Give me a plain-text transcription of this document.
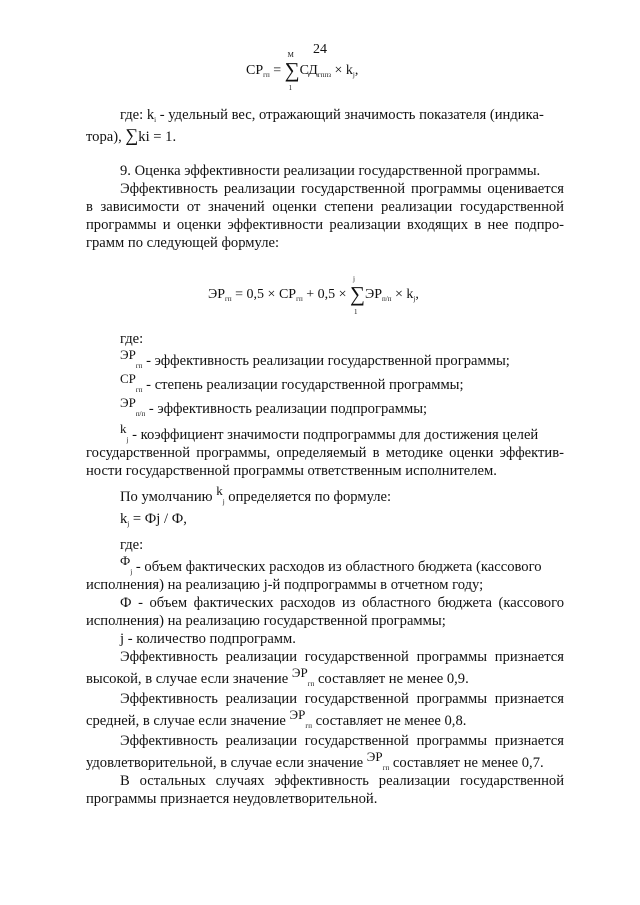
24
$СР_{гп}$ = ∑
M
1
$СД_{гппз} \times k_j$,
где: $k_i$ - удельный вес, отражающий значимость показателя (индика-
тора), ∑ki = 1.
9. Оценка эффективности реализации государственной программы.
Эффективность реализации государственной программы оценивается
в зависимости от значений оценки степени реализации государственной
программы и оценки эффективности реализации входящих в нее подпро-
грамм по следующей формуле:
$ЭР_{гп} = 0,5 \times СР_{гп} + 0,5$ × ∑
j
1
$ЭР_{п/п} \times k_j$,
где:
$ЭР_{гп}$ - эффективность реализации государственной программы;
$СР_{гп}$ - степень реализации государственной программы;
$ЭР_{п/п}$ - эффективность реализации подпрограммы;
$k_j$ - коэффициент значимости подпрограммы для достижения целей
государственной программы, определяемый в методике оценки эффектив-
ности государственной программы ответственным исполнителем.
По умолчанию $k_j$ определяется по формуле:
$k_j$ = Фj / Ф,
где:
$Ф_j$ - объем фактических расходов из областного бюджета (кассового
исполнения) на реализацию j-й подпрограммы в отчетном году;
Ф - объем фактических расходов из областного бюджета (кассового
исполнения) на реализацию государственной программы;
j - количество подпрограмм.
Эффективность реализации государственной программы признается
высокой, в случае если значение $ЭР_{гп}$ составляет не менее 0,9.
Эффективность реализации государственной программы признается
средней, в случае если значение $ЭР_{гп}$ составляет не менее 0,8.
Эффективность реализации государственной программы признается
удовлетворительной, в случае если значение $ЭР_{гп}$ составляет не менее 0,7.
В остальных случаях эффективность реализации государственной
программы признается неудовлетворительной.
